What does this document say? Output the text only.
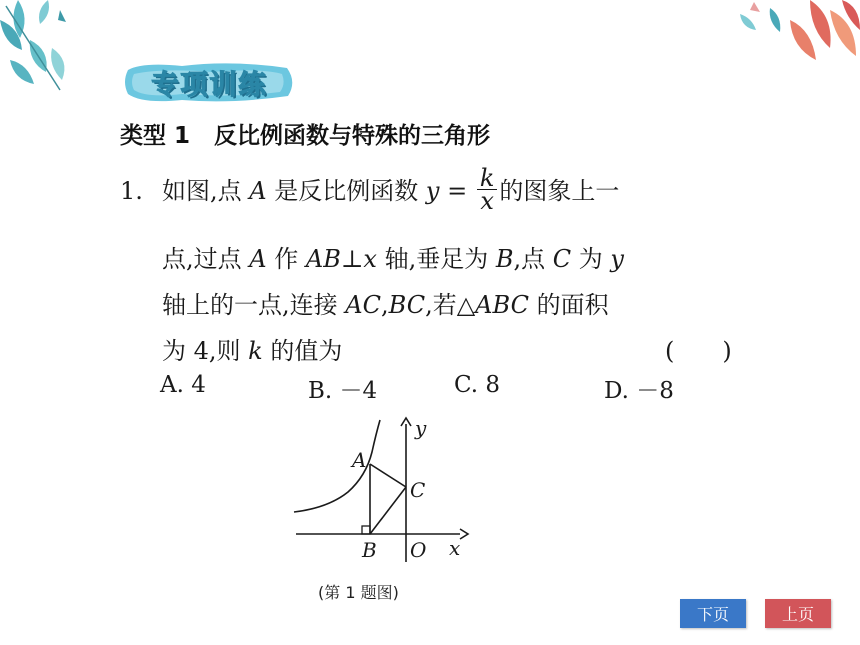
专项训练
类型 1 反比例函数与特殊的三角形
1. 如图,点 A 是反比例函数 $y = \frac{k}{x}$ 的图象上一
点,过点 A 作 AB⊥x 轴,垂足为 B,点 C 为 y
轴上的一点,连接 AC,BC,若△ABC 的面积
为 4,则 k 的值为	(　　)
A. 4	B. －4	C. 8	D. －8
A
C
B O x
y
(第 1 题图)
下页	上页
